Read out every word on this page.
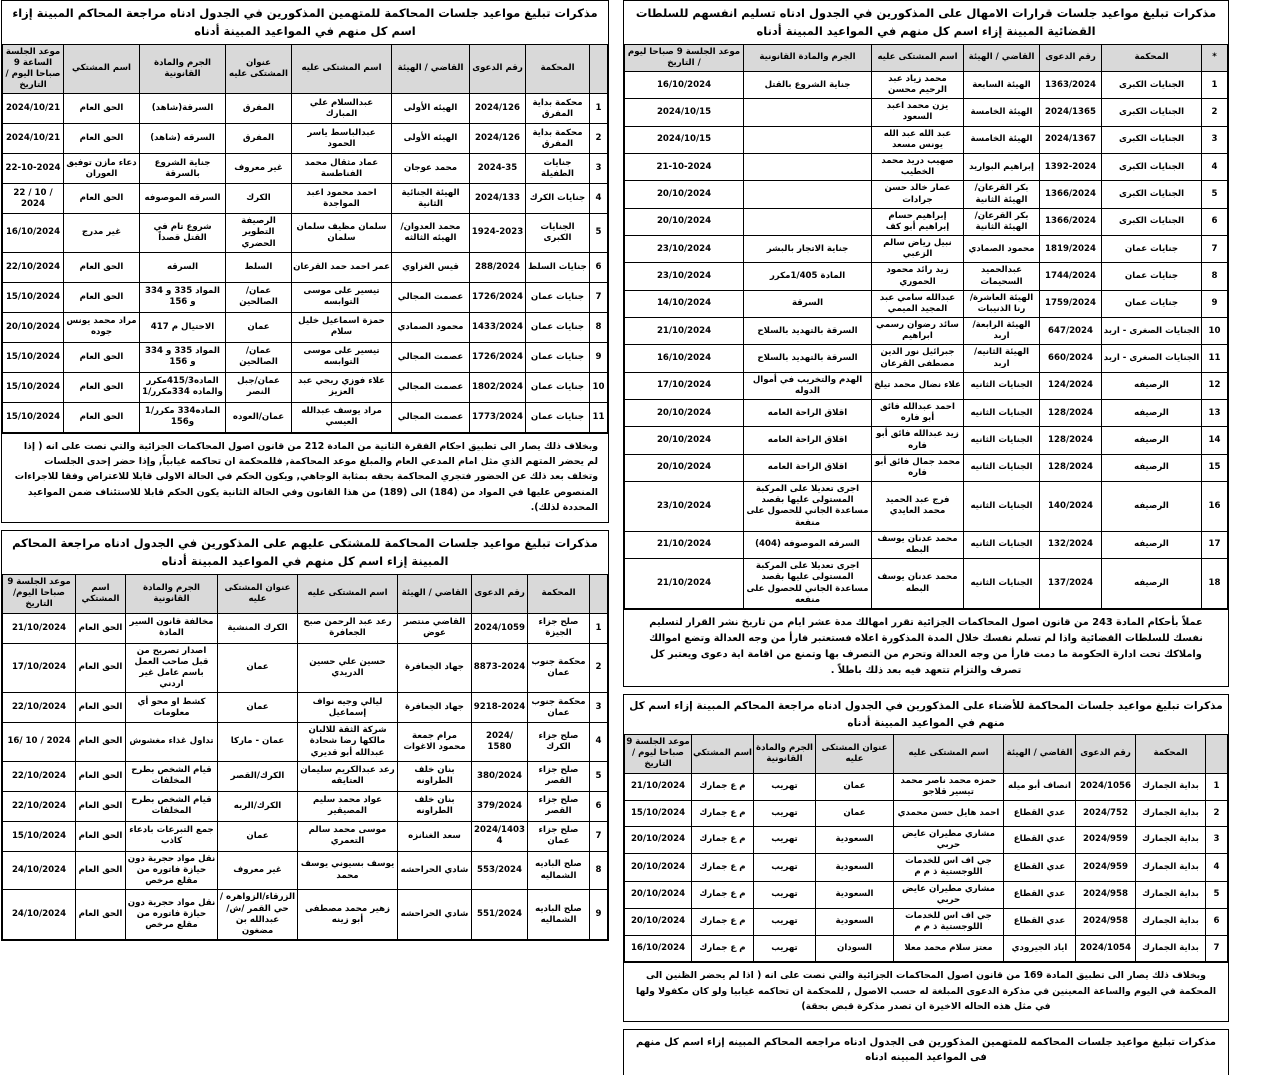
مذكرات تبليغ مواعيد جلسات قرارات الامهال على المذكورين في الجدول ادناه تسليم انفسهم للسلطات القضائية المبينة إزاء اسم كل منهم في المواعيد المبينة أدناه
*	المحكمة	رقم الدعوى	القاضي / الهيئة	اسم المشتكى عليه	الجرم والمادة القانونية	موعد الجلسة 9 صباحا ليوم / التاريخ
1	الجنايات الكبرى	1363/2024	الهيئة السابعة	محمد زياد عبد الرحيم محسن	جناية الشروع بالقتل	16/10/2024
2	الجنايات الكبرى	2024/1365	الهيئة الخامسة	يزن محمد اعبد السعود		2024/10/15
3	الجنايات الكبرى	2024/1367	الهيئة الخامسة	عبد الله عبد الله يونس مسعد		2024/10/15
4	الجنايات الكبرى	1392-2024	إبراهيم البواريد	صهيب دريد محمد الخطيب		21-10-2024
5	الجنايات الكبرى	1366/2024	بكر القرعان/الهيئة الثانية	عمار خالد حسن جرادات		20/10/2024
6	الجنايات الكبرى	1366/2024	بكر القرعان/الهيئة الثانية	إبراهيم حسام إبراهيم أبو كف		20/10/2024
7	جنايات عمان	1819/2024	محمود الصمادي	نبيل رياض سالم الزعبي	جناية الاتجار بالبشر	23/10/2024
8	جنايات عمان	1744/2024	عبدالحميد السحيمات	زيد رائد محمود الحموري	المادة 1/405مكرر	23/10/2024
9	جنايات عمان	1759/2024	الهيئة العاشرة/رنا الذنيبات	عبدالله سامي عبد المجيد الميمي	السرقة	14/10/2024
10	الجنايات الصغرى - اربد	647/2024	الهيئة الرابعة/ اربد	سائد رضوان رسمي ابراهيم	السرقة بالتهديد بالسلاح	21/10/2024
11	الجنايات الصغرى - اربد	660/2024	الهيئة الثانيه/ اربد	جبرائيل نور الدين مصطفى القرعان	السرقة بالتهديد بالسلاح	16/10/2024
12	الرصيفه	124/2024	الجنايات الثانيه	علاء نضال محمد تيلخ	الهدم والتخريب في أموال الدوله	17/10/2024
13	الرصيفه	128/2024	الجنايات الثانيه	احمد عبدالله فائق أبو فاره	اقلاق الراحة العامه	20/10/2024
14	الرصيفه	128/2024	الجنايات الثانيه	زيد عبدالله فائق أبو فاره	اقلاق الراحة العامه	20/10/2024
15	الرصيفه	128/2024	الجنايات الثانيه	محمد جمال فائق أبو فاره	اقلاق الراحة العامه	20/10/2024
16	الرصيفه	140/2024	الجنايات الثانيه	فرج عبد الحميد محمد العايدي	اجرى تعديلا على المركبة المستولى عليها بقصد مساعدة الجاني للحصول على منفعة	23/10/2024
17	الرصيفه	132/2024	الجنايات الثانيه	محمد عدنان يوسف البطه	السرقه الموصوفه (404)	21/10/2024
18	الرصيفه	137/2024	الجنايات الثانيه	محمد عدنان يوسف البطه	اجرى تعديلا على المركبة المستولى عليها بقصد مساعدة الجاني للحصول على منفعه	21/10/2024
عملاً بأحكام المادة 243 من قانون اصول المحاكمات الجزائية تقرر امهالك مدة عشر ايام من تاريخ نشر القرار لتسليم نفسك للسلطات القضائية واذا لم تسلم نفسك خلال المدة المذكورة اعلاه فستعتبر فارأ من وجه العدالة وتضع اموالك واملاكك تحت ادارة الحكومة ما دمت فارأ من وجه العدالة وتحرم من التصرف بها وتمنع من اقامة اية دعوى ويعتبر كل تصرف والتزام تتعهد فيه بعد ذلك باطلاً .
مذكرات تبليغ مواعيد جلسات المحاكمة للأضناء على المذكورين في الجدول ادناه مراجعة المحاكم المبينة إزاء اسم كل منهم في المواعيد المبينة أدناه
	المحكمة	رقم الدعوى	القاضي / الهيئة	اسم المشتكى عليه	عنوان المشتكى عليه	الجرم والمادة القانونية	اسم المشتكي	موعد الجلسة 9 صباحا ليوم / التاريخ
1	بداية الجمارك	2024/1056	انصاف أبو ميله	حمزه محمد ناصر محمد تيسير قلاجو	عمان	تهريب	م ع جمارك	21/10/2024
2	بداية الجمارك	2024/752	عدي القطاع	احمد هايل حسن محمدي	عمان	تهريب	م ع جمارك	15/10/2024
3	بداية الجمارك	2024/959	عدي القطاع	مشاري مطيران عايض حربي	السعودية	تهريب	م ع جمارك	20/10/2024
4	بداية الجمارك	2024/959	عدي القطاع	جي اف اس للخدمات اللوجستية ذ م م	السعودية	تهريب	م ع جمارك	20/10/2024
5	بداية الجمارك	2024/958	عدي القطاع	مشاري مطيران عايض حربي	السعودية	تهريب	م ع جمارك	20/10/2024
6	بداية الجمارك	2024/958	عدي القطاع	جي اف اس للخدمات اللوجستية ذ م م	السعودية	تهريب	م ع جمارك	20/10/2024
7	بداية الجمارك	2024/1054	اياد الجيرودي	معتز سلام محمد معلا	السودان	تهريب	م ع جمارك	16/10/2024
وبخلاف ذلك يصار الى تطبيق المادة 169 من قانون اصول المحاكمات الجزائية والتي نصت على انه ( اذا لم يحضر الظنين الى المحكمة في اليوم والساعة المعينين في مذكرة الدعوى المبلغة له حسب الاصول , للمحكمة ان تحاكمه غيابيا ولو كان مكفولا ولها في مثل هذه الحاله الاخيرة ان تصدر مذكرة قبض بحقة)
مذكرات تبليغ مواعيد جلسات المحاكمه للمتهمين المذكورين فى الجدول ادناه مراجعه المحاكم المبينه إزاء اسم كل منهم فى المواعيد المبينه ادناه
مذكرات تبليغ مواعيد جلسات المحاكمة للمتهمين المذكورين في الجدول ادناه مراجعة المحاكم المبينة إزاء اسم كل منهم في المواعيد المبينة أدناه
	المحكمة	رقم الدعوى	القاضي / الهيئة	اسم المشتكى عليه	عنوان المشتكى عليه	الجرم والمادة القانونية	اسم المشتكي	موعد الجلسة الساعة 9 صباحا اليوم / التاريخ
1	محكمة بداية المفرق	2024/126	الهيئه الأولى	عبدالسلام علي المبارك	المفرق	السرقة(شاهد)	الحق العام	2024/10/21
2	محكمة بداية المفرق	2024/126	الهيئه الأولى	عبدالباسط ياسر الحمود	المفرق	السرقه (شاهد)	الحق العام	2024/10/21
3	جنايات الطفيلة	2024-35	محمد عوجان	عماد مثقال محمد الفناطسة	غير معروف	جناية الشروع بالسرقة	دعاء مازن توفيق العوران	22-10-2024
4	جنايات الكرك	2024/133	الهيئة الجنائية الثانية	احمد محمود اعبد المواجدة	الكرك	السرقه الموصوفه	الحق العام	22 / 10 / 2024
5	الجنايات الكبرى	1924-2023	محمد العدوان/الهيئه الثالثه	سلمان مظيف سلمان سلمان	الرصيفة التطوير الحضري	شروع تام في القتل قصداً	غير مدرج	16/10/2024
6	جنايات السلط	288/2024	قيس الغزاوي	عمر احمد حمد القرعان	السلط	السرقه	الحق العام	22/10/2024
7	جنايات عمان	1726/2024	عصمت المجالي	تيسير على موسى التوابسه	عمان/الصالحين	المواد 335 و 334 و 156	الحق العام	15/10/2024
8	جنايات عمان	1433/2024	محمود الصمادي	حمزة اسماعيل خليل سلام	عمان	الاحتيال م 417	مراد محمد يونس جوده	20/10/2024
9	جنايات عمان	1726/2024	عصمت المجالي	تيسير على موسى التوابسه	عمان/الصالحين	المواد 335 و 334 و 156	الحق العام	15/10/2024
10	جنايات عمان	1802/2024	عصمت المجالي	علاء فوزي ربحي عبد العزيز	عمان/جبل النصر	الماده415/3مكرر والماده 334مكرر/1	الحق العام	15/10/2024
11	جنايات عمان	1773/2024	عصمت المجالي	مراد يوسف عبدالله العيسي	عمان/العوده	الماده334 مكرر/1 و156	الحق العام	15/10/2024
وبخلاف ذلك يصار الى تطبيق احكام الفقرة الثانية من المادة 212 من قانون اصول المحاكمات الجزائية والتي نصت على انه ( إذا لم يحضر المتهم الذي مثل امام المدعي العام والمبلغ موعد المحاكمة, فللمحكمة ان تحاكمه غيابياً, وإذا حضر إحدى الجلسات وتخلف بعد ذلك عن الحضور فتجري المحاكمة بحقه بمثابة الوجاهي, ويكون الحكم في الحالة الاولى قابلا للاعتراض وفقا للاجراءات المنصوص عليها في المواد من (184) الى (189) من هذا القانون وفي الحالة الثانية يكون الحكم قابلا للاستئناف ضمن المواعيد المحددة لذلك).
مذكرات تبليغ مواعيد جلسات المحاكمة للمشتكى عليهم على المذكورين في الجدول ادناه مراجعة المحاكم المبينة إزاء اسم كل منهم في المواعيد المبينة أدناه
	المحكمة	رقم الدعوى	القاضي / الهيئة	اسم المشتكى عليه	عنوان المشتكى عليه	الجرم والمادة القانونية	اسم المشتكي	موعد الجلسة 9 صباحا اليوم/التاريخ
1	صلح جزاء الجيزة	2024/1059	القاضي منتصر عوض	رعد عبد الرحمن صبح الجعافرة	الكرك المنشية	مخالفة قانون السير المادة	الحق العام	21/10/2024
2	محكمة جنوب عمان	8873-2024	جهاد الجعافرة	حسين علي حسين الدريدي	عمان	اصدار تصريح من قبل صاحب العمل باسم عامل غير اردني	الحق العام	17/10/2024
3	محكمة جنوب عمان	9218-2024	جهاد الجعافرة	ليالي وجيه نواف إسماعيل	عمان	كشط او محو أي معلومات	الحق العام	22/10/2024
4	صلح جزاء الكرك	2024/ 1580	مرام جمعة محمود الاغوات	شركة الثقة للالبان مالكها رضا شحادة عبدالله أبو قديري	عمان - ماركا	تداول غذاء مغشوش	الحق العام	16/ 10 / 2024
5	صلح جزاء القصر	380/2024	بنان خلف الطراونه	رعد عبدالكريم سليمان العتايقه	الكرك/القصر	قيام الشخص بطرح المخلفات	الحق العام	22/10/2024
6	صلح جزاء القصر	379/2024	بنان خلف الطراونه	عواد محمد سليم المصيقير	الكرك/الربه	قيام الشخص بطرح المخلفات	الحق العام	22/10/2024
7	صلح جزاء عمان	2024/14034	سعد الغنانزه	موسى محمد سالم التعمري	عمان	جمع التبرعات بادعاء كاذب	الحق العام	15/10/2024
8	صلح الباديه الشماليه	553/2024	شادي الحراحشه	يوسف بسيوني يوسف محمد	غير معروف	نقل مواد حجرية دون حيازة فاتوره من مقلع مرخص	الحق العام	24/10/2024
9	صلح الباديه الشماليه	551/2024	شادي الحراحشه	زهير محمد مصطفى أبو زينه	الزرقاء/الزواهره /حي القمر /ش/عبدالله بن مضغون	نقل مواد حجرية دون حيازة فاتوره من مقلع مرخص	الحق العام	24/10/2024
